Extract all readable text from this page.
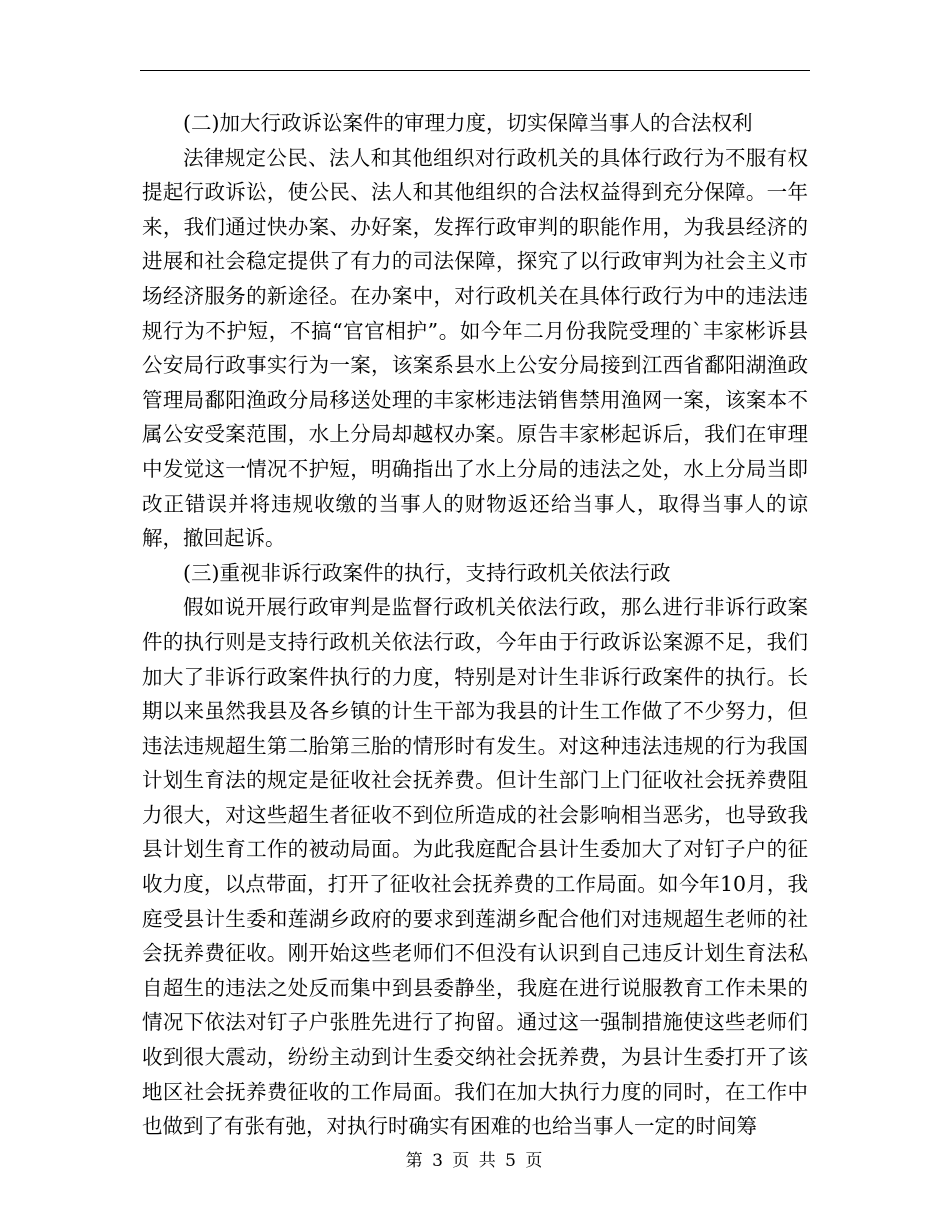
(二)加大行政诉讼案件的审理力度，切实保障当事人的合法权利

法律规定公民、法人和其他组织对行政机关的具体行政行为不服有权提起行政诉讼，使公民、法人和其他组织的合法权益得到充分保障。一年来，我们通过快办案、办好案，发挥行政审判的职能作用，为我县经济的进展和社会稳定提供了有力的司法保障，探究了以行政审判为社会主义市场经济服务的新途径。在办案中，对行政机关在具体行政行为中的违法违规行为不护短，不搞“官官相护”。如今年二月份我院受理的`丰家彬诉县公安局行政事实行为一案，该案系县水上公安分局接到江西省鄱阳湖渔政管理局鄱阳渔政分局移送处理的丰家彬违法销售禁用渔网一案，该案本不属公安受案范围，水上分局却越权办案。原告丰家彬起诉后，我们在审理中发觉这一情况不护短，明确指出了水上分局的违法之处，水上分局当即改正错误并将违规收缴的当事人的财物返还给当事人，取得当事人的谅解，撤回起诉。

(三)重视非诉行政案件的执行，支持行政机关依法行政

假如说开展行政审判是监督行政机关依法行政，那么进行非诉行政案件的执行则是支持行政机关依法行政，今年由于行政诉讼案源不足，我们加大了非诉行政案件执行的力度，特别是对计生非诉行政案件的执行。长期以来虽然我县及各乡镇的计生干部为我县的计生工作做了不少努力，但违法违规超生第二胎第三胎的情形时有发生。对这种违法违规的行为我国计划生育法的规定是征收社会抚养费。但计生部门上门征收社会抚养费阻力很大，对这些超生者征收不到位所造成的社会影响相当恶劣，也导致我县计划生育工作的被动局面。为此我庭配合县计生委加大了对钉子户的征收力度，以点带面，打开了征收社会抚养费的工作局面。如今年10月，我庭受县计生委和莲湖乡政府的要求到莲湖乡配合他们对违规超生老师的社会抚养费征收。刚开始这些老师们不但没有认识到自己违反计划生育法私自超生的违法之处反而集中到县委静坐，我庭在进行说服教育工作未果的情况下依法对钉子户张胜先进行了拘留。通过这一强制措施使这些老师们收到很大震动，纷纷主动到计生委交纳社会抚养费，为县计生委打开了该地区社会抚养费征收的工作局面。我们在加大执行力度的同时，在工作中也做到了有张有弛，对执行时确实有困难的也给当事人一定的时间筹

第 3 页 共 5 页
